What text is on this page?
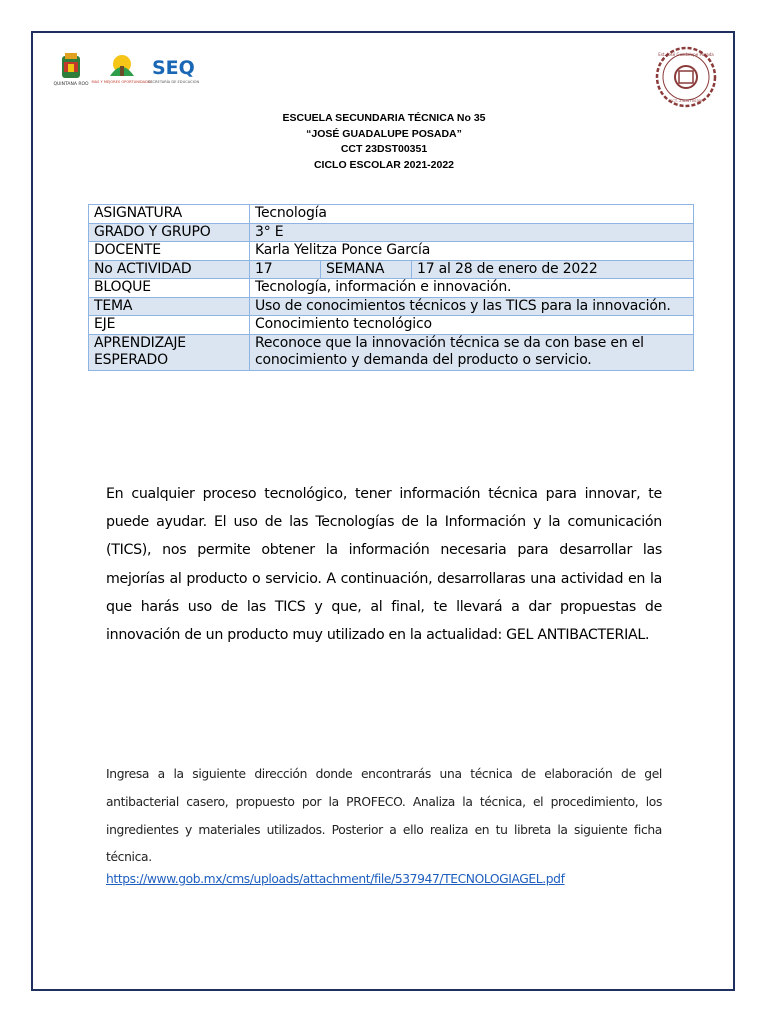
QUINTANA ROO MÁS Y MEJORES OPORTUNIDADES
SEQ
SECRETARÍA DE EDUCACIÓN
Est. José Guadalupe Posada
CCT. 23DST0035I
ESCUELA SECUNDARIA TÉCNICA No 35
“JOSÉ GUADALUPE POSADA”
CCT 23DST00351
CICLO ESCOLAR 2021-2022
ASIGNATURA	Tecnología		
GRADO Y GRUPO	3° E		
DOCENTE	Karla Yelitza Ponce García		
No ACTIVIDAD	17	SEMANA	17 al 28 de enero de 2022
BLOQUE	Tecnología, información e innovación.		
TEMA	Uso de conocimientos técnicos y las TICS para la innovación.		
EJE	Conocimiento tecnológico		
APRENDIZAJE ESPERADO	Reconoce que la innovación técnica se da con base en el conocimiento y demanda del producto o servicio.		
En cualquier proceso tecnológico, tener información técnica para innovar, te puede ayudar. El uso de las Tecnologías de la Información y la comunicación (TICS), nos permite obtener la información necesaria para desarrollar las mejorías al producto o servicio. A continuación, desarrollaras una actividad en la que harás uso de las TICS y que, al final, te llevará a dar propuestas de innovación de un producto muy utilizado en la actualidad: GEL ANTIBACTERIAL.
Ingresa a la siguiente dirección donde encontrarás una técnica de elaboración de gel antibacterial casero, propuesto por la PROFECO. Analiza la técnica, el procedimiento, los ingredientes y materiales utilizados. Posterior a ello realiza en tu libreta la siguiente ficha técnica.
https://www.gob.mx/cms/uploads/attachment/file/537947/TECNOLOGIAGEL.pdf
